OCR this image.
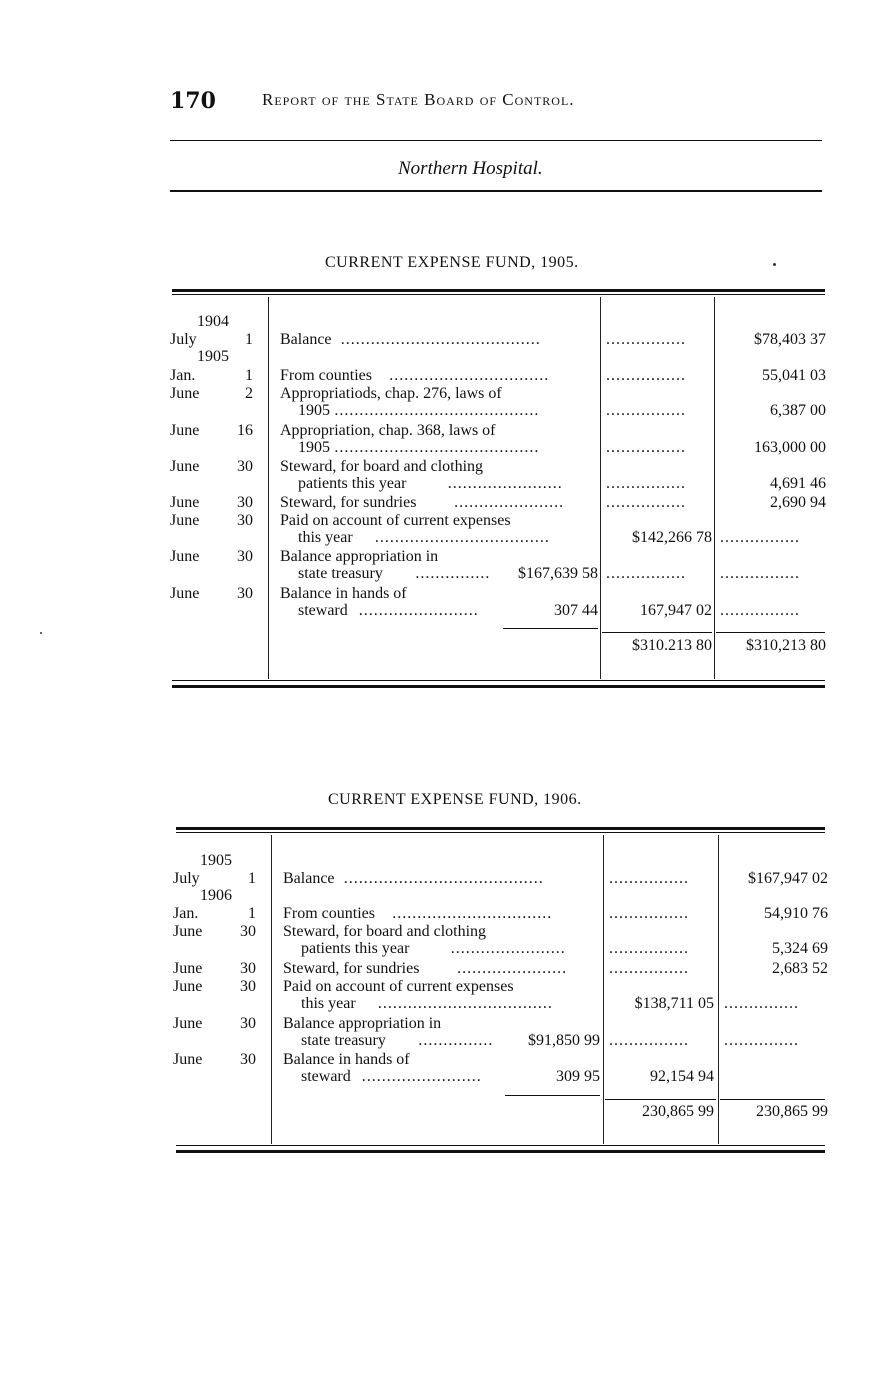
170	Report of the State Board of Control.
Northern Hospital.
CURRENT EXPENSE FUND, 1905.
1904
1905
July	1 Balance ........................................	................	$78,403 37
Jan.	1 From counties ................................	................	55,041 03
June	2 Appropriatiods, chap. 276, laws of
1905 .........................................	................	6,387 00
June	16 Appropriation, chap. 368, laws of
1905 .........................................	................	163,000 00
June	30 Steward, for board and clothing
patients this year	.......................	................	4,691 46
June	30 Steward, for sundries ......................	................	2,690 94
June	30 Paid on account of current expenses
this year ...................................	$142,266 78 ................
June	30 Balance appropriation in
state treasury ............... $167,639 58 ................ ................
June	30 Balance in hands of
steward ........................	307 44	167,947 02 ................
$310.213 80 $310,213 80
CURRENT EXPENSE FUND, 1906.
1905
1906
July	1 Balance ........................................	................	$167,947 02
Jan.	1 From counties ................................	................	54,910 76
June	30 Steward, for board and clothing
patients this year	.......................	................	5,324 69
June	30 Steward, for sundries ......................	................	2,683 52
June	30 Paid on account of current expenses
this year ...................................	$138,711 05 ...............
June	30 Balance appropriation in
state treasury ............... $91,850 99 ................ ...............
June	30 Balance in hands of
steward ........................	309 95	92,154 94
230,865 99	230,865 99
